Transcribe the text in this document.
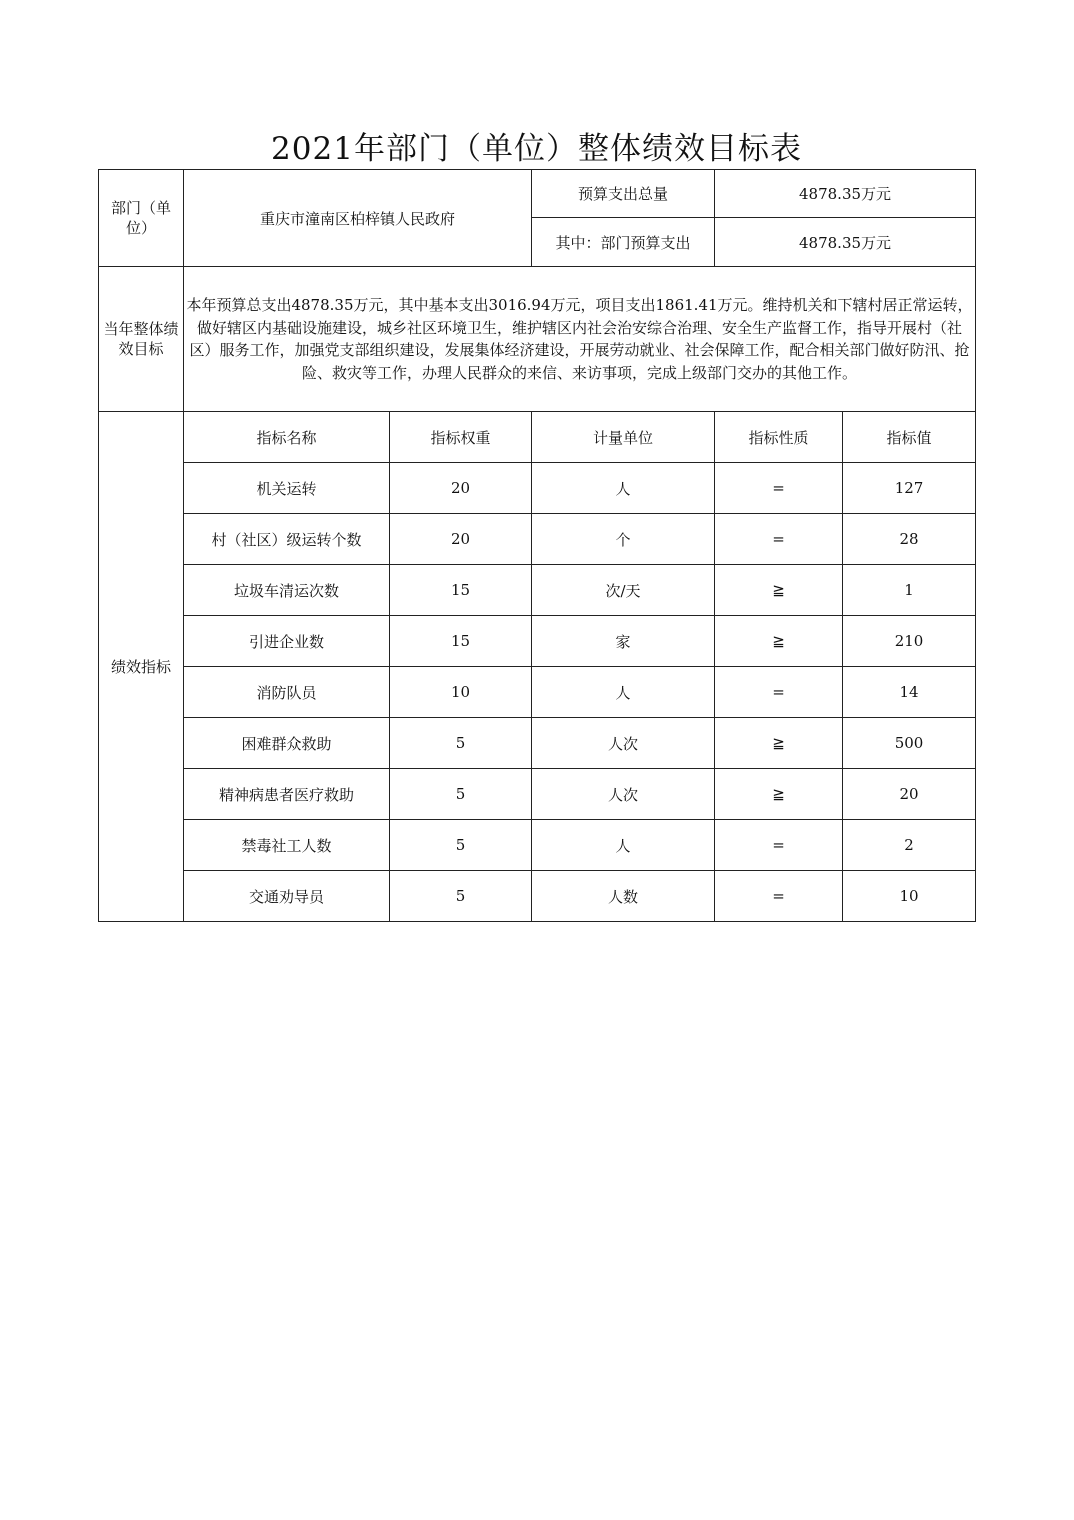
2021年部门（单位）整体绩效目标表
部门（单位）	重庆市潼南区柏梓镇人民政府		预算支出总量	4878.35万元	
			其中：部门预算支出	4878.35万元	
当年整体绩效目标	本年预算总支出4878.35万元，其中基本支出3016.94万元，项目支出1861.41万元。维持机关和下辖村居正常运转，做好辖区内基础设施建设，城乡社区环境卫生，维护辖区内社会治安综合治理、安全生产监督工作，指导开展村（社区）服务工作，加强党支部组织建设，发展集体经济建设，开展劳动就业、社会保障工作，配合相关部门做好防汛、抢险、救灾等工作，办理人民群众的来信、来访事项，完成上级部门交办的其他工作。				
绩效指标	指标名称	指标权重	计量单位	指标性质	指标值
	机关运转	20	人	=	127
	村（社区）级运转个数	20	个	=	28
	垃圾车清运次数	15	次/天	≧	1
	引进企业数	15	家	≧	210
	消防队员	10	人	=	14
	困难群众救助	5	人次	≧	500
	精神病患者医疗救助	5	人次	≧	20
	禁毒社工人数	5	人	=	2
	交通劝导员	5	人数	=	10
